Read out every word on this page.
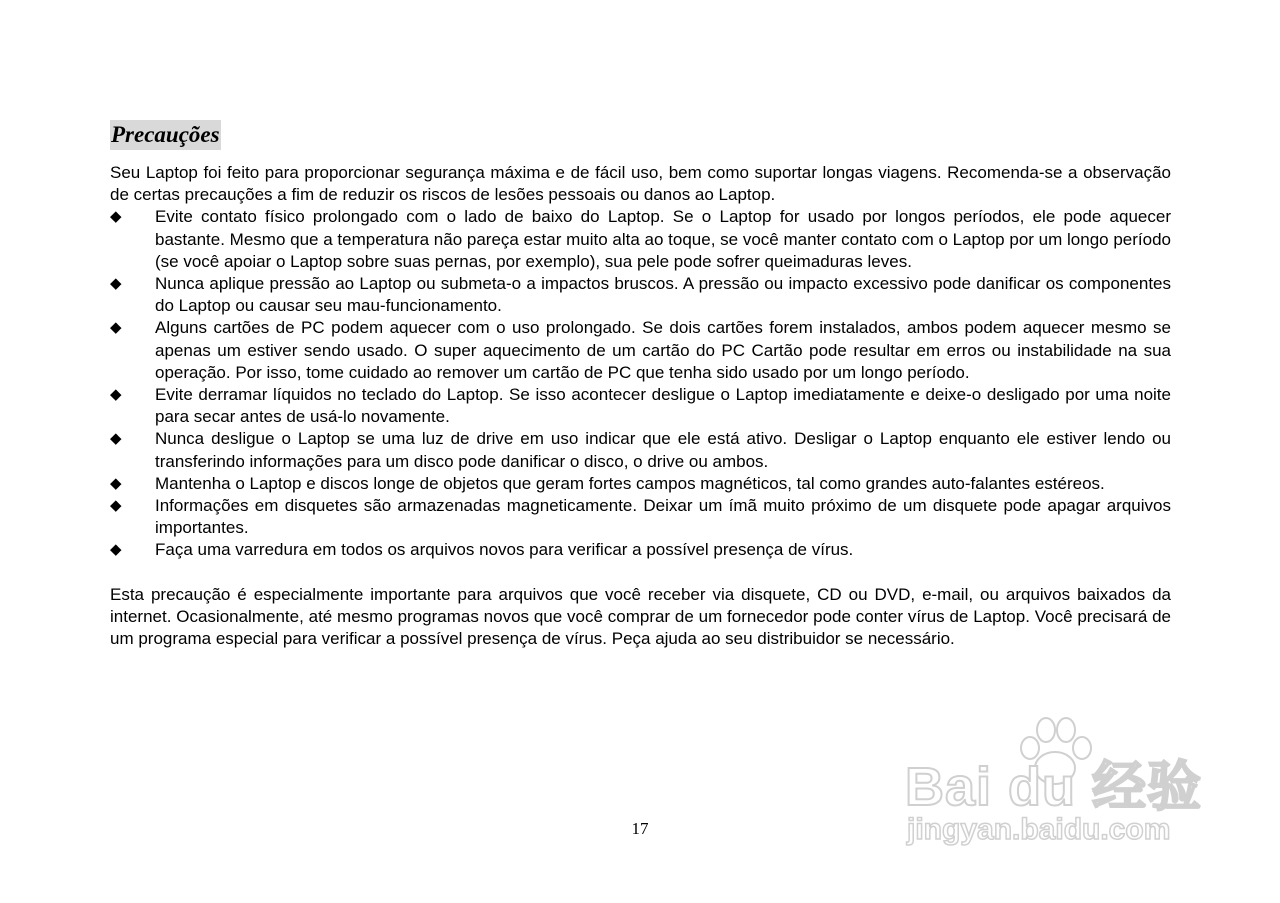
Precauções

Seu Laptop foi feito para proporcionar segurança máxima e de fácil uso, bem como suportar longas viagens. Recomenda-se a observação de certas precauções a fim de reduzir os riscos de lesões pessoais ou danos ao Laptop.

◆ Evite contato físico prolongado com o lado de baixo do Laptop. Se o Laptop for usado por longos períodos, ele pode aquecer bastante. Mesmo que a temperatura não pareça estar muito alta ao toque, se você manter contato com o Laptop por um longo período (se você apoiar o Laptop sobre suas pernas, por exemplo), sua pele pode sofrer queimaduras leves.
◆ Nunca aplique pressão ao Laptop ou submeta-o a impactos bruscos. A pressão ou impacto excessivo pode danificar os componentes do Laptop ou causar seu mau-funcionamento.
◆ Alguns cartões de PC podem aquecer com o uso prolongado. Se dois cartões forem instalados, ambos podem aquecer mesmo se apenas um estiver sendo usado. O super aquecimento de um cartão do PC Cartão pode resultar em erros ou instabilidade na sua operação. Por isso, tome cuidado ao remover um cartão de PC que tenha sido usado por um longo período.
◆ Evite derramar líquidos no teclado do Laptop. Se isso acontecer desligue o Laptop imediatamente e deixe-o desligado por uma noite para secar antes de usá-lo novamente.
◆ Nunca desligue o Laptop se uma luz de drive em uso indicar que ele está ativo. Desligar o Laptop enquanto ele estiver lendo ou transferindo informações para um disco pode danificar o disco, o drive ou ambos.
◆ Mantenha o Laptop e discos longe de objetos que geram fortes campos magnéticos, tal como grandes auto-falantes estéreos.
◆ Informações em disquetes são armazenadas magneticamente. Deixar um ímã muito próximo de um disquete pode apagar arquivos importantes.
◆ Faça uma varredura em todos os arquivos novos para verificar a possível presença de vírus.

Esta precaução é especialmente importante para arquivos que você receber via disquete, CD ou DVD, e-mail, ou arquivos baixados da internet. Ocasionalmente, até mesmo programas novos que você comprar de um fornecedor pode conter vírus de Laptop. Você precisará de um programa especial para verificar a possível presença de vírus. Peça ajuda ao seu distribuidor se necessário.

17
Bai du 经验
jingyan.baidu.com
